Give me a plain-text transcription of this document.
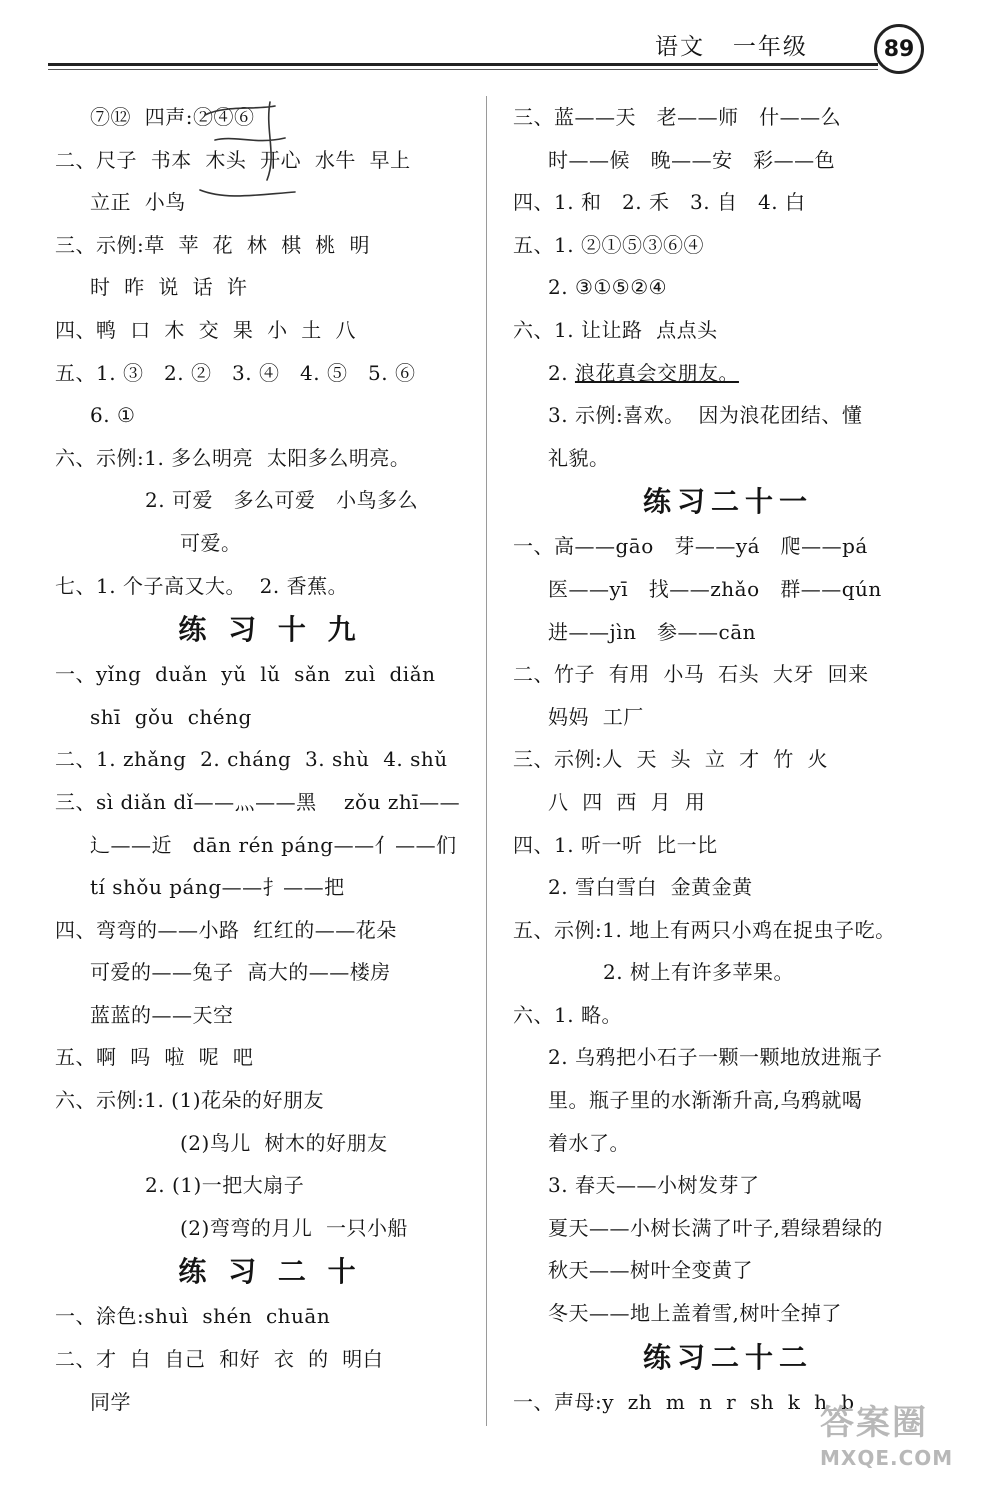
语文   一年级	89
⑦⑫  四声:②④⑥
二、尺子  书本  木头  开心  水牛  早上
立正  小鸟
三、示例:草  苹  花  林  棋  桃  明
时  昨  说  话  许
四、鸭  口  木  交  果  小  土  八
五、1. ③   2. ②   3. ④   4. ⑤   5. ⑥
6. ①
六、示例:1. 多么明亮  太阳多么明亮。
2. 可爱   多么可爱   小鸟多么
可爱。
七、1. 个子高又大。  2. 香蕉。
练 习 十 九
一、yǐng  duǎn  yǔ  lǔ  sǎn  zuì  diǎn
shī  gǒu  chéng
二、1. zhǎng  2. cháng  3. shù  4. shǔ
三、sì diǎn dǐ——灬——黑    zǒu zhī——
辶——近   dān rén páng——亻——们
tí shǒu páng——扌——把
四、弯弯的——小路  红红的——花朵
可爱的——兔子  高大的——楼房
蓝蓝的——天空
五、啊  吗  啦  呢  吧
六、示例:1. (1)花朵的好朋友
(2)鸟儿  树木的好朋友
2. (1)一把大扇子
(2)弯弯的月儿  一只小船
练 习 二 十
一、涂色:shuì  shén  chuān
二、才  白  自己  和好  衣  的  明白
同学
三、蓝——天   老——师   什——么
时——候   晚——安   彩——色
四、1. 和   2. 禾   3. 自   4. 白
五、1. ②①⑤③⑥④
2. ③①⑤②④
六、1. 让让路  点点头
2. 浪花真会交朋友。
3. 示例:喜欢。  因为浪花团结、懂
礼貌。
练习二十一
一、高——gāo   芽——yá   爬——pá
医——yī   找——zhǎo   群——qún
进——jìn   参——cān
二、竹子  有用  小马  石头  大牙  回来
妈妈  工厂
三、示例:人  天  头  立  才  竹  火
八  四  西  月  用
四、1. 听一听  比一比
2. 雪白雪白  金黄金黄
五、示例:1. 地上有两只小鸡在捉虫子吃。
2. 树上有许多苹果。
六、1. 略。
2. 乌鸦把小石子一颗一颗地放进瓶子
里。瓶子里的水渐渐升高,乌鸦就喝
着水了。
3. 春天——小树发芽了
夏天——小树长满了叶子,碧绿碧绿的
秋天——树叶全变黄了
冬天——地上盖着雪,树叶全掉了
练习二十二
一、声母:y  zh  m  n  r  sh  k  h  b
答案圈
MXQE.COM
